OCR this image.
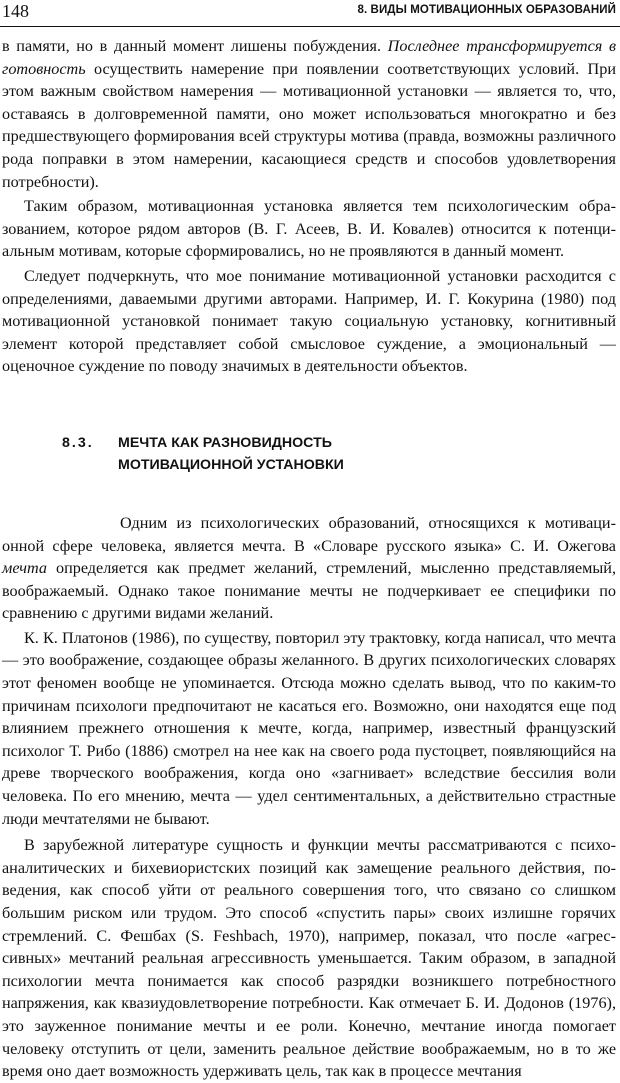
148	8. ВИДЫ МОТИВАЦИОННЫХ ОБРАЗОВАНИЙ

в памяти, но в данный момент лишены побуждения. Последнее трансформируется в готовность осуществить намерение при появлении соответствующих условий. При этом важным свойством намерения — мотивационной установки — является то, что, оставаясь в долговременной памяти, оно может использоваться многократно и без предшествующего формирования всей структуры мотива (правда, возможны различного рода поправки в этом намерении, касающиеся средств и способов удовлетворения потребности).

Таким образом, мотивационная установка является тем психологическим образованием, которое рядом авторов (В. Г. Асеев, В. И. Ковалев) относится к потенциальным мотивам, которые сформировались, но не проявляются в данный момент.

Следует подчеркнуть, что мое понимание мотивационной установки расходится с определениями, даваемыми другими авторами. Например, И. Г. Кокурина (1980) под мотивационной установкой понимает такую социальную установку, когнитивный элемент которой представляет собой смысловое суждение, а эмоциональный — оценочное суждение по поводу значимых в деятельности объектов.

8.3. МЕЧТА КАК РАЗНОВИДНОСТЬ
МОТИВАЦИОННОЙ УСТАНОВКИ

Одним из психологических образований, относящихся к мотивационной сфере человека, является мечта. В «Словаре русского языка» С. И. Ожегова мечта определяется как предмет желаний, стремлений, мысленно представляемый, воображаемый. Однако такое понимание мечты не подчеркивает ее специфики по сравнению с другими видами желаний.

К. К. Платонов (1986), по существу, повторил эту трактовку, когда написал, что мечта — это воображение, создающее образы желанного. В других психологических словарях этот феномен вообще не упоминается. Отсюда можно сделать вывод, что по каким-то причинам психологи предпочитают не касаться его. Возможно, они находятся еще под влиянием прежнего отношения к мечте, когда, например, известный французский психолог Т. Рибо (1886) смотрел на нее как на своего рода пустоцвет, появляющийся на древе творческого воображения, когда оно «загнивает» вследствие бессилия воли человека. По его мнению, мечта — удел сентиментальных, а действительно страстные люди мечтателями не бывают.

В зарубежной литературе сущность и функции мечты рассматриваются с психоаналитических и бихевиористских позиций как замещение реального действия, поведения, как способ уйти от реального совершения того, что связано со слишком большим риском или трудом. Это способ «спустить пары» своих излишне горячих стремлений. С. Фешбах (S. Feshbach, 1970), например, показал, что после «агрессивных» мечтаний реальная агрессивность уменьшается. Таким образом, в западной психологии мечта понимается как способ разрядки возникшего потребностного напряжения, как квазиудовлетворение потребности. Как отмечает Б. И. Додонов (1976), это зауженное понимание мечты и ее роли. Конечно, мечтание иногда помогает человеку отступить от цели, заменить реальное действие воображаемым, но в то же время оно дает возможность удерживать цель, так как в процессе мечтания
